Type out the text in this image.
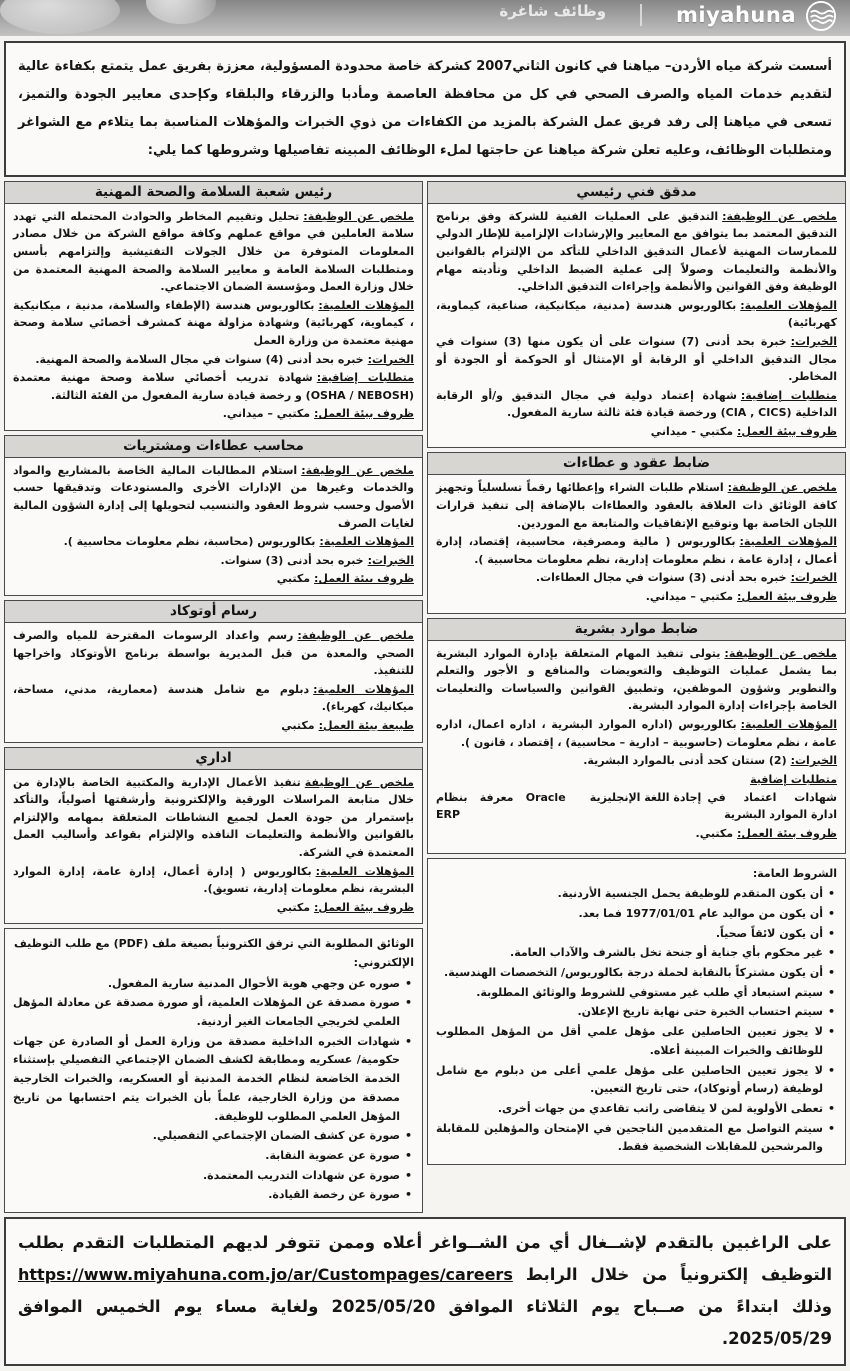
miyahuna
وظائف شاغرة
أسست شركة مياه الأردن– مياهنا في كانون الثاني2007 كشركة خاصة محدودة المسؤولية، معززة بفريق عمل يتمتع بكفاءة عالية لتقديم خدمات المياه والصرف الصحي في كل من محافظة العاصمة ومأدبا والزرقاء والبلقاء وكإحدى معايير الجودة والتميز، تسعى في مياهنا إلى رفد فريق عمل الشركة بالمزيد من الكفاءات من ذوي الخبرات والمؤهلات المناسبة بما يتلاءم مع الشواغر ومتطلبات الوظائف، وعليه تعلن شركة مياهنا عن حاجتها لملء الوظائف المبينه تفاصيلها وشروطها كما يلي:
مدقق فني رئيسي

ملخص عن الوظيفة:التدقيق على العمليات الفنية للشركة وفق برنامج التدقيق المعتمد بما يتوافق مع المعايير والإرشادات الإلزامية للإطار الدولي للممارسات المهنية لأعمال التدقيق الداخلي للتأكد من الإلتزام بالقوانين والأنظمة والتعليمات وصولاً إلى عملية الضبط الداخلي وتأديته مهام الوظيفة وفق القوانين والأنظمة وإجراءات التدقيق الداخلي.

المؤهلات العلمية:بكالوريوس هندسة (مدنية، ميكانيكية، صناعية، كيماوية، كهربائية)

الخبرات:خبرة بحد أدنى (7) سنوات على أن يكون منها (3) سنوات في مجال التدقيق الداخلي أو الرقابة أو الإمتثال أو الحوكمة أو الجودة أو المخاطر.

متطلبات إضافية:شهادة إعتماد دولية في مجال التدقيق و/أو الرقابة الداخلية (CIA , CICS) ورخصة قيادة فئة ثالثة سارية المفعول.

ظروف بيئة العمل:مكتبي - ميداني

ضابط عقود و عطاءات

ملخص عن الوظيفة:استلام طلبات الشراء وإعطائها رقماً تسلسلياً وتجهيز كافة الوثائق ذات العلاقة بالعقود والعطاءات بالإضافة إلى تنفيذ قرارات اللجان الخاصة بها وتوقيع الإتفاقيات والمتابعة مع الموردين.

المؤهلات العلمية:بكالوريوس ( مالية ومصرفية، محاسبية، إقتصاد، إدارة أعمال ، إدارة عامة ، نظم معلومات إدارية، نظم معلومات محاسبية ).

الخبرات:خبره بحد أدنى (3) سنوات في مجال العطاءات.

ظروف بيئة العمل:مكتبي – ميداني.

ضابط موارد بشرية

ملخص عن الوظيفة:يتولى تنفيذ المهام المتعلقة بإدارة الموارد البشرية بما يشمل عمليات التوظيف والتعويضات والمنافع و الأجور والتعلم والتطوير وشؤون الموظفين، وتطبيق القوانين والسياسات والتعليمات الخاصة بإجراءات إدارة الموارد البشرية.

المؤهلات العلمية:بكالوريوس (اداره الموارد البشرية ، اداره اعمال، اداره عامة ، نظم معلومات (حاسوبية – ادارية – محاسبية) ، إقتصاد ، قانون ).

الخبرات:(2) سنتان كحد أدنى بالموارد البشرية.

متطلبات إضافية

شهادات اعتماد في ادارة الموارد البشرية
إجادة اللغة الإنجليزية
معرفة بنظام Oracle ERP

ظروف بيئة العمل:مكتبي.

الشروط العامة:
• أن يكون المتقدم للوظيفة يحمل الجنسية الأردنية.
• أن يكون من مواليد عام 1977/01/01 فما بعد.
• أن يكون لائقاً صحياً.
• غير محكوم بأي جناية أو جنحة تخل بالشرف والآداب العامة.
• أن يكون مشتركاً بالنقابة لحملة درجة بكالوريوس/ التخصصات الهندسية.
• سيتم استبعاد أي طلب غير مستوفي للشروط والوثائق المطلوبة.
• سيتم احتساب الخبرة حتى نهاية تاريخ الإعلان.
• لا يجوز تعيين الحاصلين على مؤهل علمي أقل من المؤهل المطلوب للوظائف والخبرات المبينة أعلاه.
• لا يجوز تعيين الحاصلين على مؤهل علمي أعلى من دبلوم مع شامل لوظيفة (رسام أوتوكاد)، حتى تاريخ التعيين.
• تعطى الأولوية لمن لا يتقاضى راتب تقاعدي من جهات أخرى.
• سيتم التواصل مع المتقدمين الناجحين في الإمتحان والمؤهلين للمقابلة والمرشحين للمقابلات الشخصية فقط.
رئيس شعبة السلامة والصحة المهنية

ملخص عن الوظيفة:تحليل وتقييم المخاطر والحوادث المحتمله التي تهدد سلامة العاملين في مواقع عملهم وكافة مواقع الشركة من خلال مصادر المعلومات المتوفرة من خلال الجولات التفتيشية وإلتزامهم بأسس ومتطلبات السلامة العامة و معايير السلامة والصحة المهنية المعتمدة من خلال وزارة العمل ومؤسسة الضمان الاجتماعي.

المؤهلات العلمية:بكالوريوس هندسة (الإطفاء والسلامة، مدنية ، ميكانيكية ، كيماوية، كهربائية) وشهادة مزاولة مهنة كمشرف أخصائي سلامة وصحة مهنية معتمدة من وزارة العمل

الخبرات:خبره بحد أدنى (4) سنوات في مجال السلامة والصحة المهنية.

متطلبات إضافية:شهادة تدريب أخصائي سلامة وصحة مهنية معتمدة (OSHA / NEBOSH) و رخصة قيادة سارية المفعول من الفئة الثالثة.

ظروف بيئة العمل:مكتبي – ميداني.

محاسب عطاءات ومشتريات

ملخص عن الوظيفة:استلام المطالبات المالية الخاصة بالمشاريع والمواد والخدمات وغيرها من الإدارات الأخرى والمستودعات وتدقيقها حسب الأصول وحسب شروط العقود والتنسيب لتحويلها إلى إدارة الشؤون المالية لغايات الصرف

المؤهلات العلمية:بكالوريوس (محاسبة، نظم معلومات محاسبية ).

الخبرات:خبره بحد أدنى (3) سنوات.

ظروف بيئة العمل:مكتبي

رسام أوتوكاد

ملخص عن الوظيفة:رسم واعداد الرسومات المقترحة للمياه والصرف الصحي والمعدة من قبل المديرية بواسطة برنامج الأوتوكاد واخراجها للتنفيذ.

المؤهلات العلمية:دبلوم مع شامل هندسة (معمارية، مدني، مساحة، ميكانيك، كهرباء).

طبيعة بيئة العمل:مكتبي

اداري

ملخص عن الوظيفةتنفيذ الأعمال الإدارية والمكتبية الخاصة بالإدارة من خلال متابعة المراسلات الورقية والإلكترونية وأرشفتها أصولياً، والتأكد بإستمرار من جودة العمل لجميع النشاطات المتعلقة بمهامه والإلتزام بالقوانين والأنظمة والتعليمات النافذه والإلتزام بقواعد وأساليب العمل المعتمدة في الشركة.

المؤهلات العلمية:بكالوريوس ( إدارة أعمال، إدارة عامة، إدارة الموارد البشرية، نظم معلومات إدارية، تسويق).

ظروف بيئة العمل:مكتبي

الوثائق المطلوبة التي ترفق الكترونياً بصيغة ملف (PDF) مع طلب التوظيف الإلكتروني:
• صوره عن وجهي هوية الأحوال المدنية سارية المفعول.
• صورة مصدقة عن المؤهلات العلمية، أو صورة مصدقة عن معادلة المؤهل العلمي لخريجي الجامعات الغير أردنية.
• شهادات الخبره الداخلية مصدقة من وزارة العمل أو الصادرة عن جهات حكومية/ عسكريه ومطابقة لكشف الضمان الإجتماعي التفصيلي بإستثناء الخدمة الخاضعة لنظام الخدمة المدنية أو العسكريه، والخبرات الخارجية مصدقة من وزارة الخارجية، علماً بأن الخبرات يتم احتسابها من تاريخ المؤهل العلمي المطلوب للوظيفة.
• صورة عن كشف الضمان الإجتماعي التفصيلي.
• صورة عن عضوية النقابة.
• صورة عن شهادات التدريب المعتمدة.
• صورة عن رخصة القيادة.
على الراغبين بالتقدم لإشــغال أي من الشــواغر أعلاه وممن تتوفر لديهم المتطلبات التقدم بطلب التوظيف إلكترونياً من خلال الرابط https://www.miyahuna.com.jo/ar/Custompages/careers وذلك ابتداءً من صــباح يوم الثلاثاء الموافق 2025/05/20 ولغاية مساء يوم الخميس الموافق 2025/05/29.
